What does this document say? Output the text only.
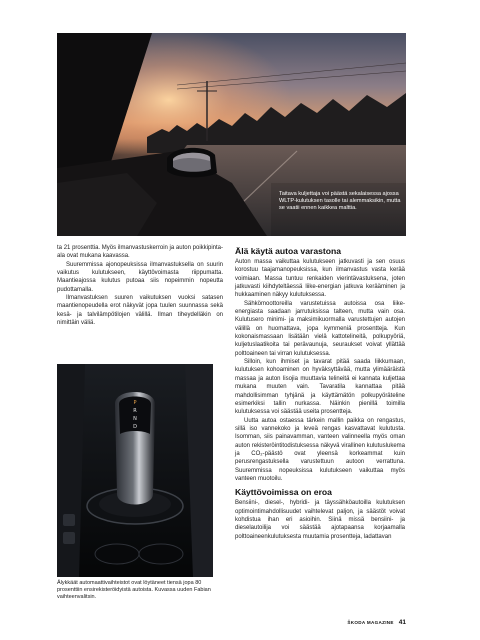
Taitava kuljettaja voi päästä sekalaisessa ajossa WLTP-kulutuksen tasolle tai alemmaksikin, mutta se vaatii ennen kaikkea malttia.

ta 21 prosenttia. Myös ilmanvastuskerroin ja auton poikkipinta-ala ovat mukana kaavassa.

Suuremmissa ajonopeuksissa ilmanvastuksella on suurin vaikutus kulutukseen, käyttövoimasta riippumatta. Maantieajossa kulutus putoaa siis nopeimmin nopeutta pudottamalla.

Ilmanvastuksen suuren vaikutuksen vuoksi satasen maantienopeudella erot näkyvät jopa tuulen suunnassa sekä kesä- ja talvilämpötilojen välillä. Ilman tiheydelläkin on nimittäin väliä.

P
R
N
D
Älykkäät automaattivaihteistot ovat löytäneet tiensä jopa 80 prosenttiin ensirekisteröidyistä autoista. Kuvassa uuden Fabian vaihteenvalitsin.
Älä käytä autoa varastona

Auton massa vaikuttaa kulutukseen jatkuvasti ja sen osuus korostuu taajamanopeuksissa, kun ilmanvastus vasta kerää voimiaan. Massa tuntuu renkaiden vierintävastuksena, joten jatkuvasti kiihdyteltäessä liike-energian jatkuva kerääminen ja hukkaaminen näkyy kulutuksessa.

Sähkömoottoreilla varustetuissa autoissa osa liike-energiasta saadaan jarrutuksissa talteen, mutta vain osa. Kulutusero minimi- ja maksimikuormalla varustettujen autojen välillä on huomattava, jopa kymmeniä prosentteja. Kun kokonaismassaan lisätään vielä kattotelineitä, polkupyöriä, kuljetuslaatikoita tai perävaunuja, seuraukset voivat yllättää polttoaineen tai virran kulutuksessa.

Silloin, kun ihmiset ja tavarat pitää saada liikkumaan, kulutuksen kohoaminen on hyväksyttävää, mutta ylimääräistä massaa ja auton lisojia muuttavia telineitä ei kannata kuljettaa mukana muuten vain. Tavaratila kannattaa pitää mahdollisimman tyhjänä ja käyttämätön polkupyöräteline esimerkiksi tallin nurkassa. Näinkin pienillä toimilla kulutuksessa voi säästää useita prosentteja.

Uutta autoa ostaessa tärkein mallin paikka on rengastus, sillä iso vannekoko ja leveä rengas kasvattavat kulutusta. Isomman, siis painavamman, vanteen valinneella myös oman auton rekisteröintitodistuksessa näkyvä virallinen kulutuslukema ja CO₂-päästö ovat yleensä korkeammat kuin perusrengastuksella varustettuun autoon verrattuna. Suuremmissa nopeuksissa kulutukseen vaikuttaa myös vanteen muotoilu.

Käyttövoimissa on eroa

Bensiini-, diesel-, hybridi- ja täyssähköautoilla kulutuksen optimointimahdollisuudet vaihtelevat paljon, ja säästöt voivat kohdistua ihan eri asioihin. Siinä missä bensiini- ja dieselautoilija voi säästää ajotapaansa korjaamalla polttoaineenkulutuksesta muutamia prosentteja, ladattavan

ŠKODA MAGAZINE 41
